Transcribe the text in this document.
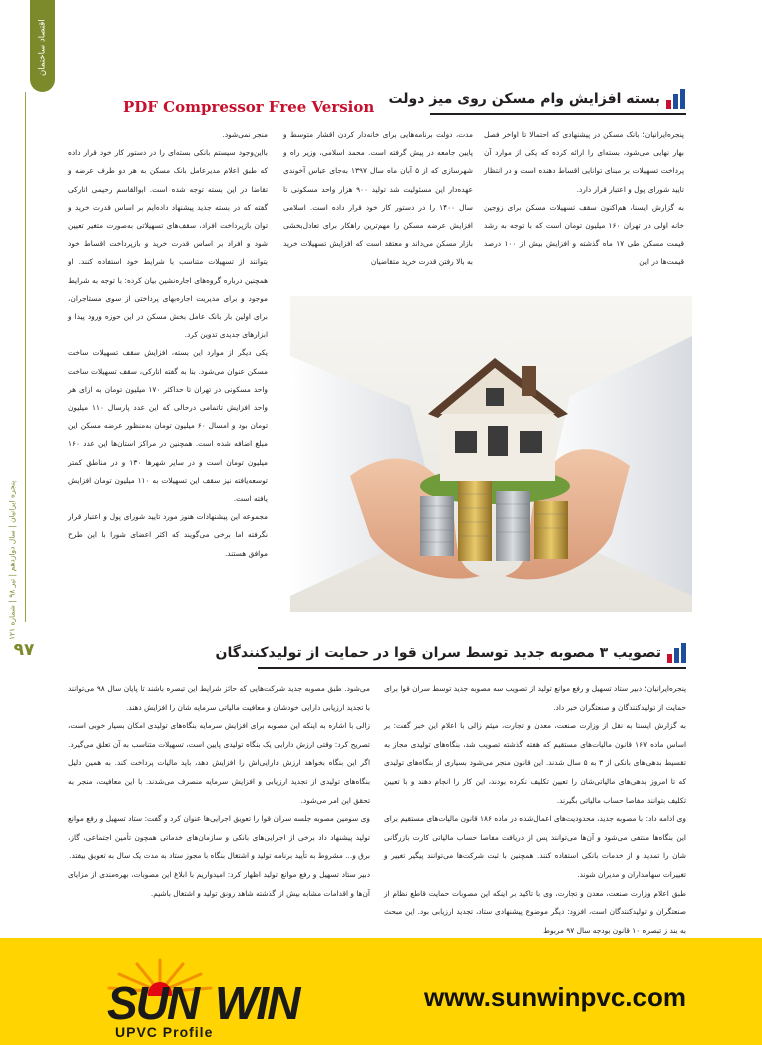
اقتصاد ساختمان
پنجره ایرانیان | سال دوازدهم | تیر ۹۸ | شماره ۱۲۱
۹۷
PDF Compressor Free Version بسته افزایش وام مسکن روی میز دولت

پنجره‌ایرانیان؛ بانک مسکن در پیشنهادی که احتمالا تا اواخر فصل بهار نهایی می‌شود، بسته‌ای را ارائه کرده که یکی از موارد آن پرداخت تسهیلات بر مبنای توانایی اقساط دهنده است و در انتظار تایید شورای پول و اعتبار قرار دارد.

به گزارش ایسنا، هم‌اکنون سقف تسهیلات مسکن برای زوجین خانه اولی در تهران ۱۶۰ میلیون تومان است که با توجه به رشد قیمت مسکن طی ۱۷ ماه گذشته و افزایش بیش از ۱۰۰ درصد قیمت‌ها در این

مدت، دولت برنامه‌هایی برای خانه‌دار کردن اقشار متوسط و پایین جامعه در پیش گرفته است. محمد اسلامی، وزیر راه و شهرسازی که از ۵ آبان ماه سال ۱۳۹۷ به‌جای عباس آخوندی عهده‌دار این مسئولیت شد تولید ۹۰۰ هزار واحد مسکونی تا سال ۱۴۰۰ را در دستور کار خود قرار داده است. اسلامی افزایش عرضه مسکن را مهم‌ترین راهکار برای تعادل‌بخشی بازار مسکن می‌داند و معتقد است که افزایش تسهیلات خرید به بالا رفتن قدرت خرید متقاضیان

منجر نمی‌شود.

بااین‌وجود سیستم بانکی بسته‌ای را در دستور کار خود قرار داده که طبق اعلام مدیرعامل بانک مسکن به هر دو طرف عرضه و تقاضا در این بسته توجه شده است. ابوالقاسم رحیمی انارکی گفته که در بسته جدید پیشنهاد داده‌ایم بر اساس قدرت خرید و توان بازپرداخت افراد، سقف‌های تسهیلاتی به‌صورت متغیر تعیین شود و افراد بر اساس قدرت خرید و بازپرداخت اقساط خود بتوانند از تسهیلات متناسب با شرایط خود استفاده کنند. او همچنین درباره گروه‌های اجاره‌نشین بیان کرده: با توجه به شرایط موجود و برای مدیریت اجاره‌بهای پرداختی از سوی مستاجران، برای اولین بار بانک عامل بخش مسکن در این حوزه ورود پیدا و ابزارهای جدیدی تدوین کرد.

یکی دیگر از موارد این بسته، افزایش سقف تسهیلات ساخت مسکن عنوان می‌شود. بنا به گفته انارکی، سقف تسهیلات ساخت واحد مسکونی در تهران تا حداکثر ۱۷۰ میلیون تومان به ازای هر واحد افزایش تا‌تمامی درحالی که این عدد پارسال ۱۱۰ میلیون تومان بود و امسال ۶۰ میلیون تومان به‌منظور عرضه مسکن این مبلغ اضافه شده است. همچنین در مراکز استان‌ها این عدد ۱۶۰ میلیون تومان است و در سایر شهرها ۱۳۰ و در مناطق کمتر توسعه‌یافته نیز سقف این تسهیلات به ۱۱۰ میلیون تومان افزایش یافته است.

مجموعه این پیشنهادات هنوز مورد تایید شورای پول و اعتبار قرار نگرفته اما برخی می‌گویند که اکثر اعضای شورا با این طرح موافق هستند.

تصویب ۳ مصوبه جدید توسط سران قوا در حمایت از تولیدکنندگان

پنجره‌ایرانیان؛ دبیر ستاد تسهیل و رفع موانع تولید از تصویب سه مصوبه جدید توسط سران قوا برای حمایت از تولیدکنندگان و صنعتگران خبر داد.

به گزارش ایسنا به نقل از وزارت صنعت، معدن و تجارت، میثم زالی با اعلام این خبر گفت: بر اساس ماده ۱۶۷ قانون مالیات‌های مستقیم که هفته گذشته تصویب شد، بنگاه‌های تولیدی مجاز به تقسیط بدهی‌های بانکی از ۳ به ۵ سال شدند. این قانون منجر می‌شود بسیاری از بنگاه‌های تولیدی که تا امروز بدهی‌های مالیاتی‌شان را تعیین تکلیف نکرده بودند، این کار را انجام دهند و با تعیین تکلیف بتوانند مفاصا حساب مالیاتی بگیرند.

وی ادامه داد: با مصوبه جدید، محدودیت‌های اعمال‌شده در ماده ۱۸۶ قانون مالیات‌های مستقیم برای این بنگاه‌ها منتفی می‌شود و آن‌ها می‌توانند پس از دریافت مفاصا حساب مالیاتی کارت بازرگانی شان را تمدید و از خدمات بانکی استفاده کنند. همچنین با ثبت شرکت‌ها می‌توانند پیگیر تغییر و تغییرات سهامداران و مدیران شوند.

طبق اعلام وزارت صنعت، معدن و تجارت، وی با تاکید بر اینکه این مصوبات حمایت قاطع نظام از صنعتگران و تولیدکنندگان است، افزود: دیگر موضوع پیشنهادی ستاد، تجدید ارزیابی بود. این مبحث به بند ز تبصره ۱۰ قانون بودجه سال ۹۷ مربوط

می‌شود. طبق مصوبه جدید شرکت‌هایی که حائز شرایط این تبصره باشند تا پایان سال ۹۸ می‌توانند با تجدید ارزیابی دارایی خودشان و معافیت مالیاتی سرمایه شان را افزایش دهند.

زالی با اشاره به اینکه این مصوبه برای افزایش سرمایه بنگاه‌های تولیدی امکان بسیار خوبی است، تصریح کرد: وقتی ارزش دارایی یک بنگاه تولیدی پایین است، تسهیلات متناسب به آن تعلق می‌گیرد. اگر این بنگاه بخواهد ارزش دارایی‌اش را افزایش دهد، باید مالیات پرداخت کند. به همین دلیل بنگاه‌های تولیدی از تجدید ارزیابی و افزایش سرمایه منصرف می‌شدند. با این معافیت، منجر به تحقق این امر می‌شود.

وی سومین مصوبه جلسه سران قوا را تعویق اجرایی‌ها عنوان کرد و گفت: ستاد تسهیل و رفع موانع تولید پیشنهاد داد برخی از اجرایی‌های بانکی و سازمان‌های خدماتی همچون تأمین اجتماعی، گاز، برق و... مشروط به تأیید برنامه تولید و اشتغال بنگاه با مجوز ستاد به مدت یک سال به تعویق بیفتد.

دبیر ستاد تسهیل و رفع موانع تولید اظهار کرد: امیدواریم با ابلاغ این مصوبات، بهره‌مندی از مزایای آن‌ها و اقدامات مشابه بیش از گذشته شاهد رونق تولید و اشتغال باشیم.

SUN WIN
UPVC Profile
www.sunwinpvc.com
